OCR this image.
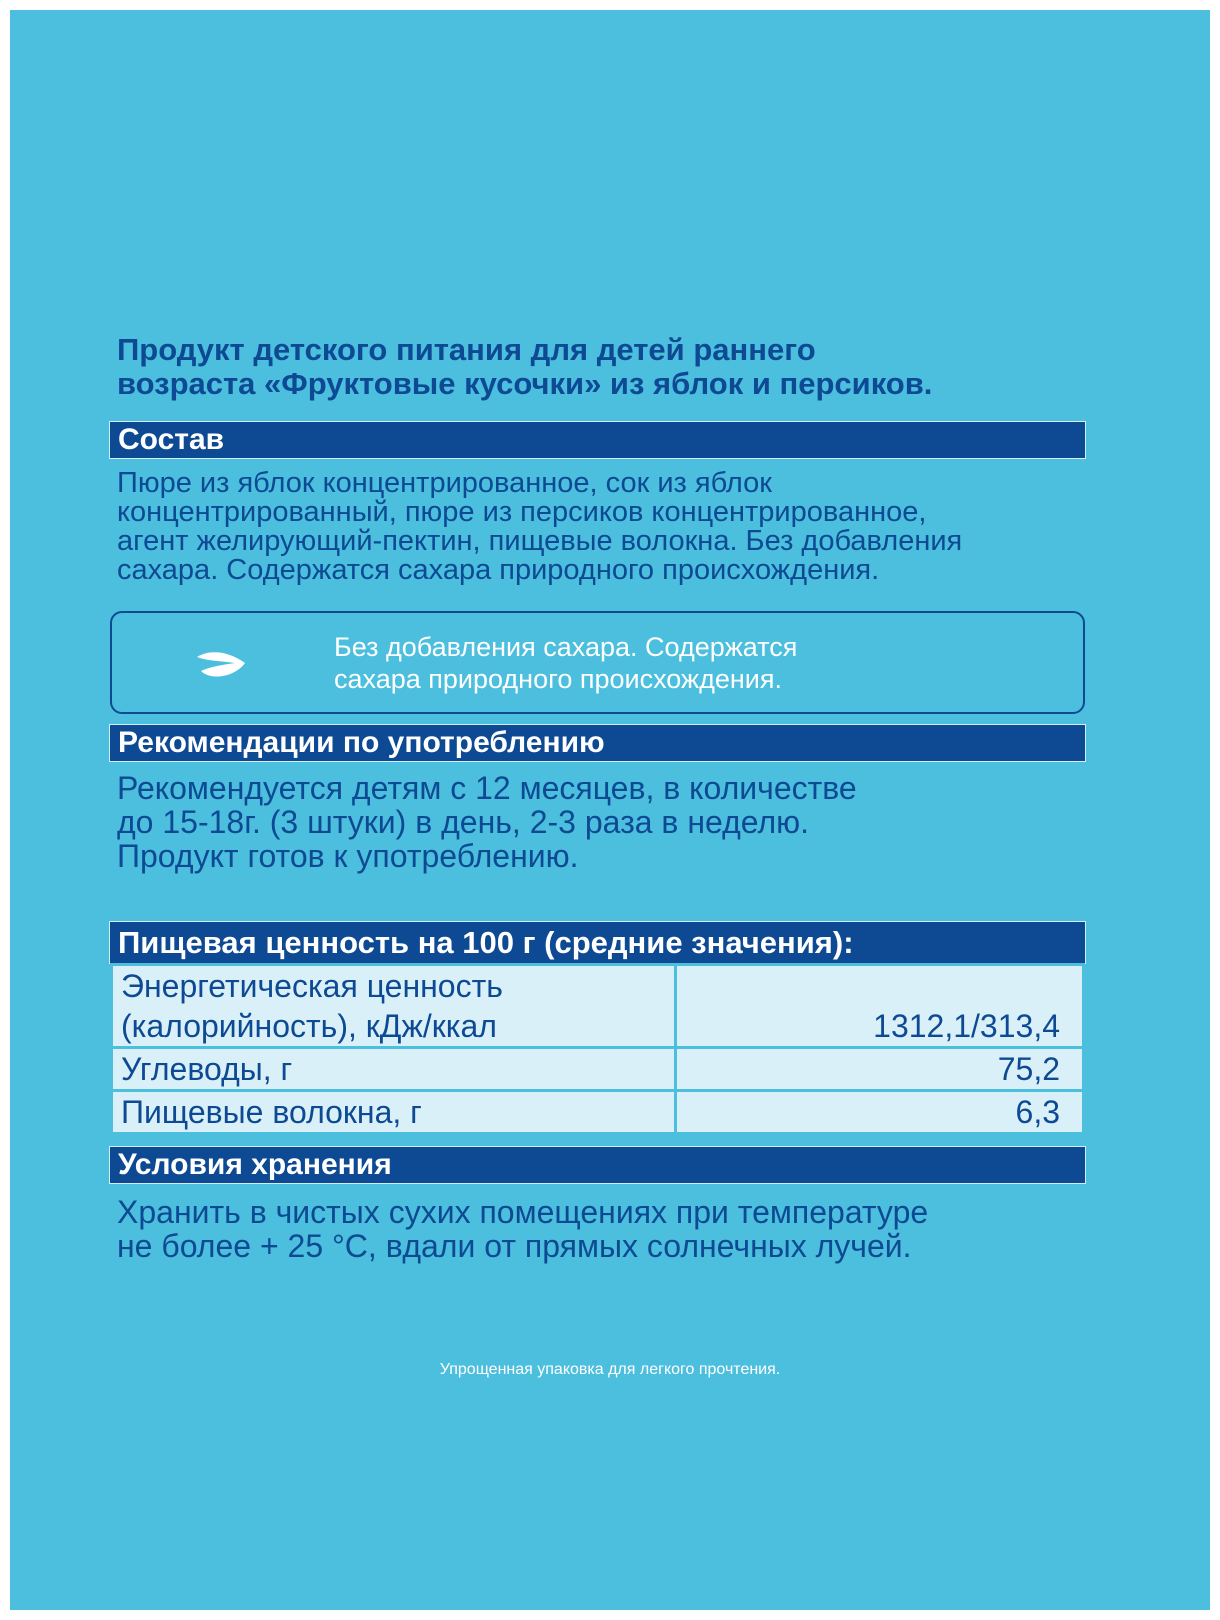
Продукт детского питания для детей раннего
возраста «Фруктовые кусочки» из яблок и персиков.
Состав
Пюре из яблок концентрированное, сок из яблок
концентрированный, пюре из персиков концентрированное,
агент желирующий-пектин, пищевые волокна. Без добавления
сахара. Содержатся сахара природного происхождения.
Без добавления сахара. Содержатся
сахара природного происхождения.
Рекомендации по употреблению
Рекомендуется детям с 12 месяцев, в количестве
до 15-18г. (3 штуки) в день, 2-3 раза в неделю.
Продукт готов к употреблению.
Пищевая ценность на 100 г (средние значения):
Энергетическая ценность
(калорийность), кДж/ккал	1312,1/313,4
Углеводы, г	75,2
Пищевые волокна, г	6,3
Условия хранения
Хранить в чистых сухих помещениях при температуре
не более + 25 °С, вдали от прямых солнечных лучей.
Упрощенная упаковка для легкого прочтения.
